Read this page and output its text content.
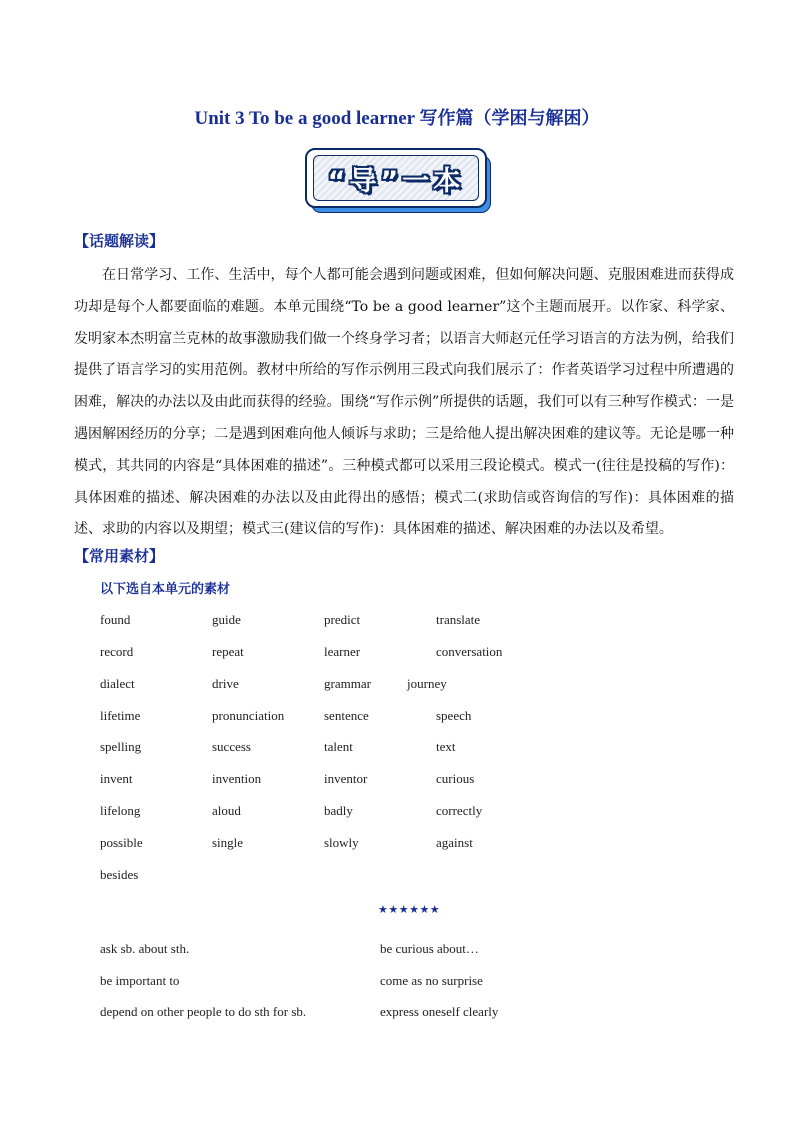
Unit 3 To be a good learner 写作篇（学困与解困）
“导”一本
【话题解读】
在日常学习、工作、生活中，每个人都可能会遇到问题或困难，但如何解决问题、克服困难进而获得成功却是每个人都要面临的难题。本单元围绕“To be a good learner”这个主题而展开。以作家、科学家、发明家本杰明富兰克林的故事激励我们做一个终身学习者；以语言大师赵元任学习语言的方法为例，给我们提供了语言学习的实用范例。教材中所给的写作示例用三段式向我们展示了：作者英语学习过程中所遭遇的困难，解决的办法以及由此而获得的经验。围绕“写作示例”所提供的话题，我们可以有三种写作模式：一是遇困解困经历的分享；二是遇到困难向他人倾诉与求助；三是给他人提出解决困难的建议等。无论是哪一种模式，其共同的内容是“具体困难的描述”。三种模式都可以采用三段论模式。模式一(往往是投稿的写作)：具体困难的描述、解决困难的办法以及由此得出的感悟；模式二(求助信或咨询信的写作)：具体困难的描述、求助的内容以及期望；模式三(建议信的写作)：具体困难的描述、解决困难的办法以及希望。
【常用素材】
以下选自本单元的素材
found	guide	predict	translate
record	repeat	learner	conversation
dialect	drive	grammar	journey
lifetime	pronunciation	sentence	speech
spelling	success	talent	text
invent	invention	inventor	curious
lifelong	aloud	badly	correctly
possible	single	slowly	against
besides
★★★★★★
ask sb. about sth.	be curious about…
be important to	come as no surprise
depend on other people to do sth for sb.	express oneself clearly
